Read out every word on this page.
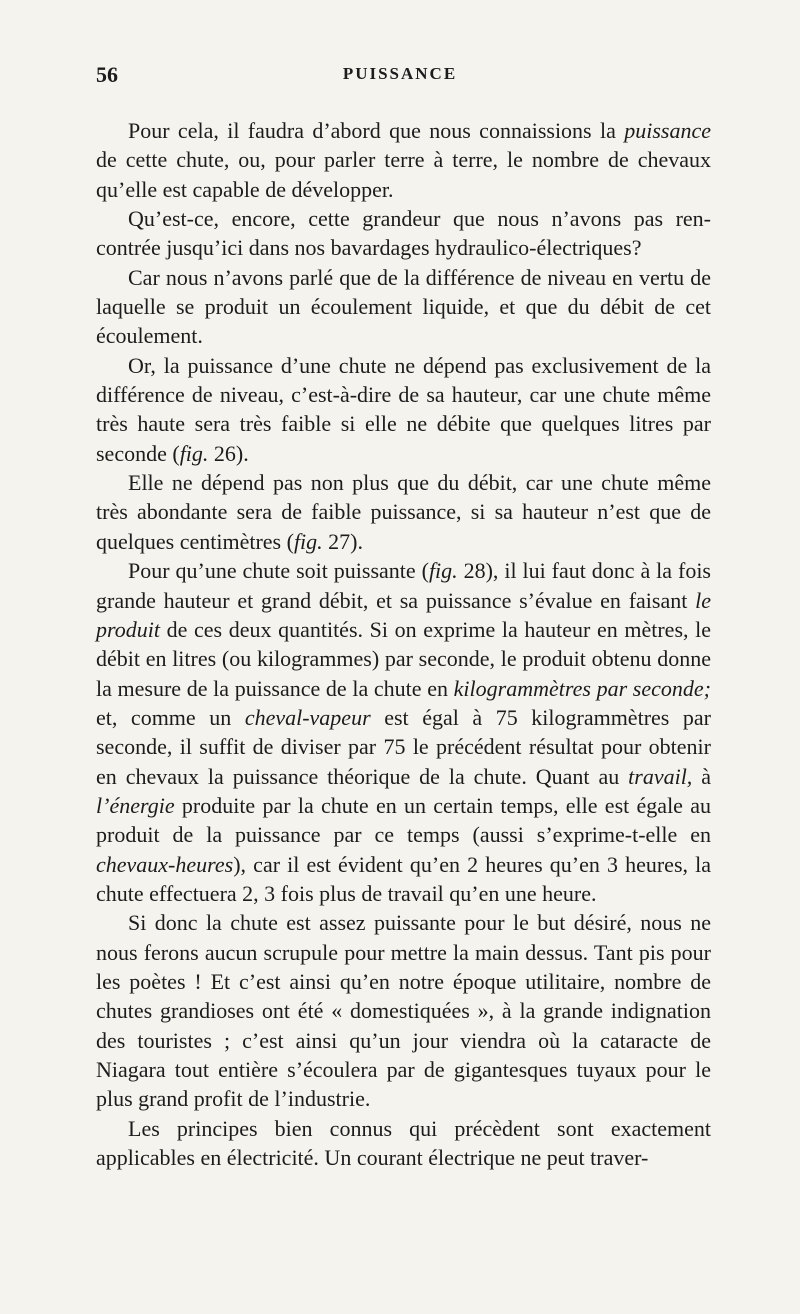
56	PUISSANCE

Pour cela, il faudra d’abord que nous connaissions la puissance de cette chute, ou, pour parler terre à terre, le nombre de chevaux qu’elle est capable de développer.

Qu’est-ce, encore, cette grandeur que nous n’avons pas rencontrée jusqu’ici dans nos bavardages hydraulico-électriques?

Car nous n’avons parlé que de la différence de niveau en vertu de laquelle se produit un écoulement liquide, et que du débit de cet écoulement.

Or, la puissance d’une chute ne dépend pas exclusivement de la différence de niveau, c’est-à-dire de sa hauteur, car une chute même très haute sera très faible si elle ne débite que quelques litres par seconde (fig. 26).

Elle ne dépend pas non plus que du débit, car une chute même très abondante sera de faible puissance, si sa hauteur n’est que de quelques centimètres (fig. 27).

Pour qu’une chute soit puissante (fig. 28), il lui faut donc à la fois grande hauteur et grand débit, et sa puissance s’évalue en faisant le produit de ces deux quantités. Si on exprime la hauteur en mètres, le débit en litres (ou kilogrammes) par seconde, le produit obtenu donne la mesure de la puissance de la chute en kilogrammètres par seconde; et, comme un cheval-vapeur est égal à 75 kilogrammètres par seconde, il suffit de diviser par 75 le précédent résultat pour obtenir en chevaux la puissance théorique de la chute. Quant au travail, à l’énergie produite par la chute en un certain temps, elle est égale au produit de la puissance par ce temps (aussi s’exprime-t-elle en chevaux-heures), car il est évident qu’en 2 heures qu’en 3 heures, la chute effectuera 2, 3 fois plus de travail qu’en une heure.

Si donc la chute est assez puissante pour le but désiré, nous ne nous ferons aucun scrupule pour mettre la main dessus. Tant pis pour les poètes ! Et c’est ainsi qu’en notre époque utilitaire, nombre de chutes grandioses ont été « domestiquées », à la grande indignation des touristes ; c’est ainsi qu’un jour viendra où la cataracte de Niagara tout entière s’écoulera par de gigantesques tuyaux pour le plus grand profit de l’industrie.

Les principes bien connus qui précèdent sont exactement applicables en électricité. Un courant électrique ne peut traver-
